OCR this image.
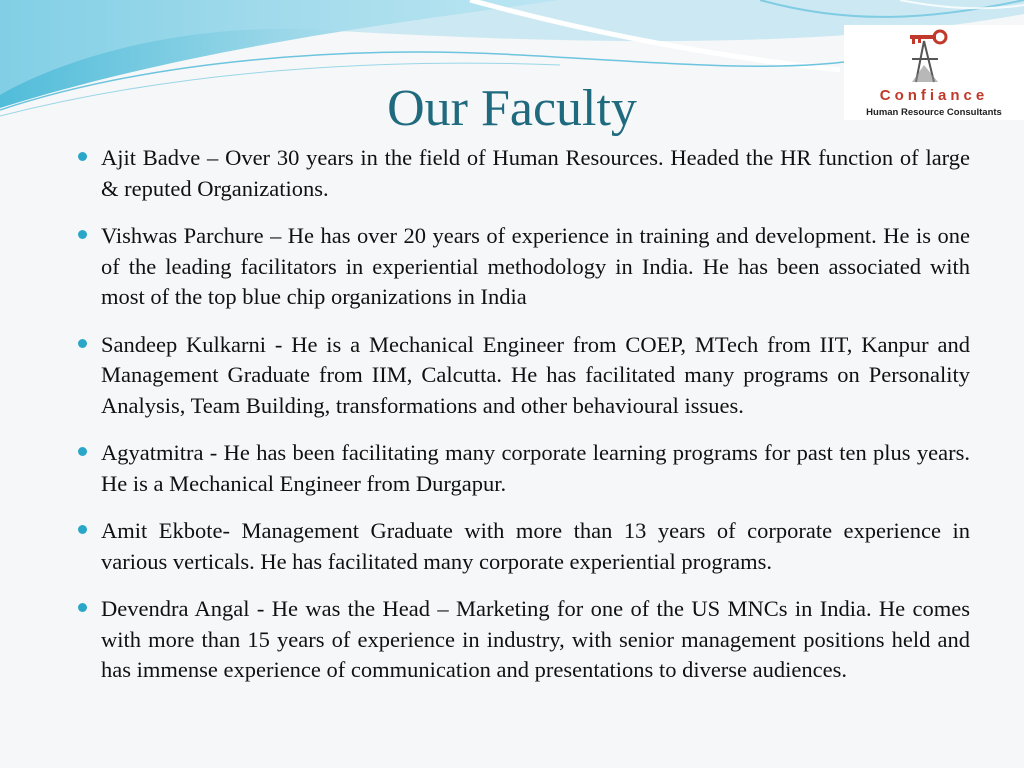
Confiance
Human Resource Consultants
Our Faculty
Ajit Badve – Over 30 years in the field of Human Resources. Headed the HR function of large & reputed Organizations.
Vishwas Parchure – He has over 20 years of experience in training and development. He is one of the leading facilitators in experiential methodology in India. He has been associated with most of the top blue chip organizations in India
Sandeep Kulkarni - He is a Mechanical Engineer from COEP, MTech from IIT, Kanpur and Management Graduate from IIM, Calcutta. He has facilitated many programs on Personality Analysis, Team Building, transformations and other behavioural issues.
Agyatmitra - He has been facilitating many corporate learning programs for past ten plus years. He is a Mechanical Engineer from Durgapur.
Amit Ekbote- Management Graduate with more than 13 years of corporate experience in various verticals. He has facilitated many corporate experiential programs.
Devendra Angal - He was the Head – Marketing for one of the US MNCs in India. He comes with more than 15 years of experience in industry, with senior management positions held and has immense experience of communication and presentations to diverse audiences.
